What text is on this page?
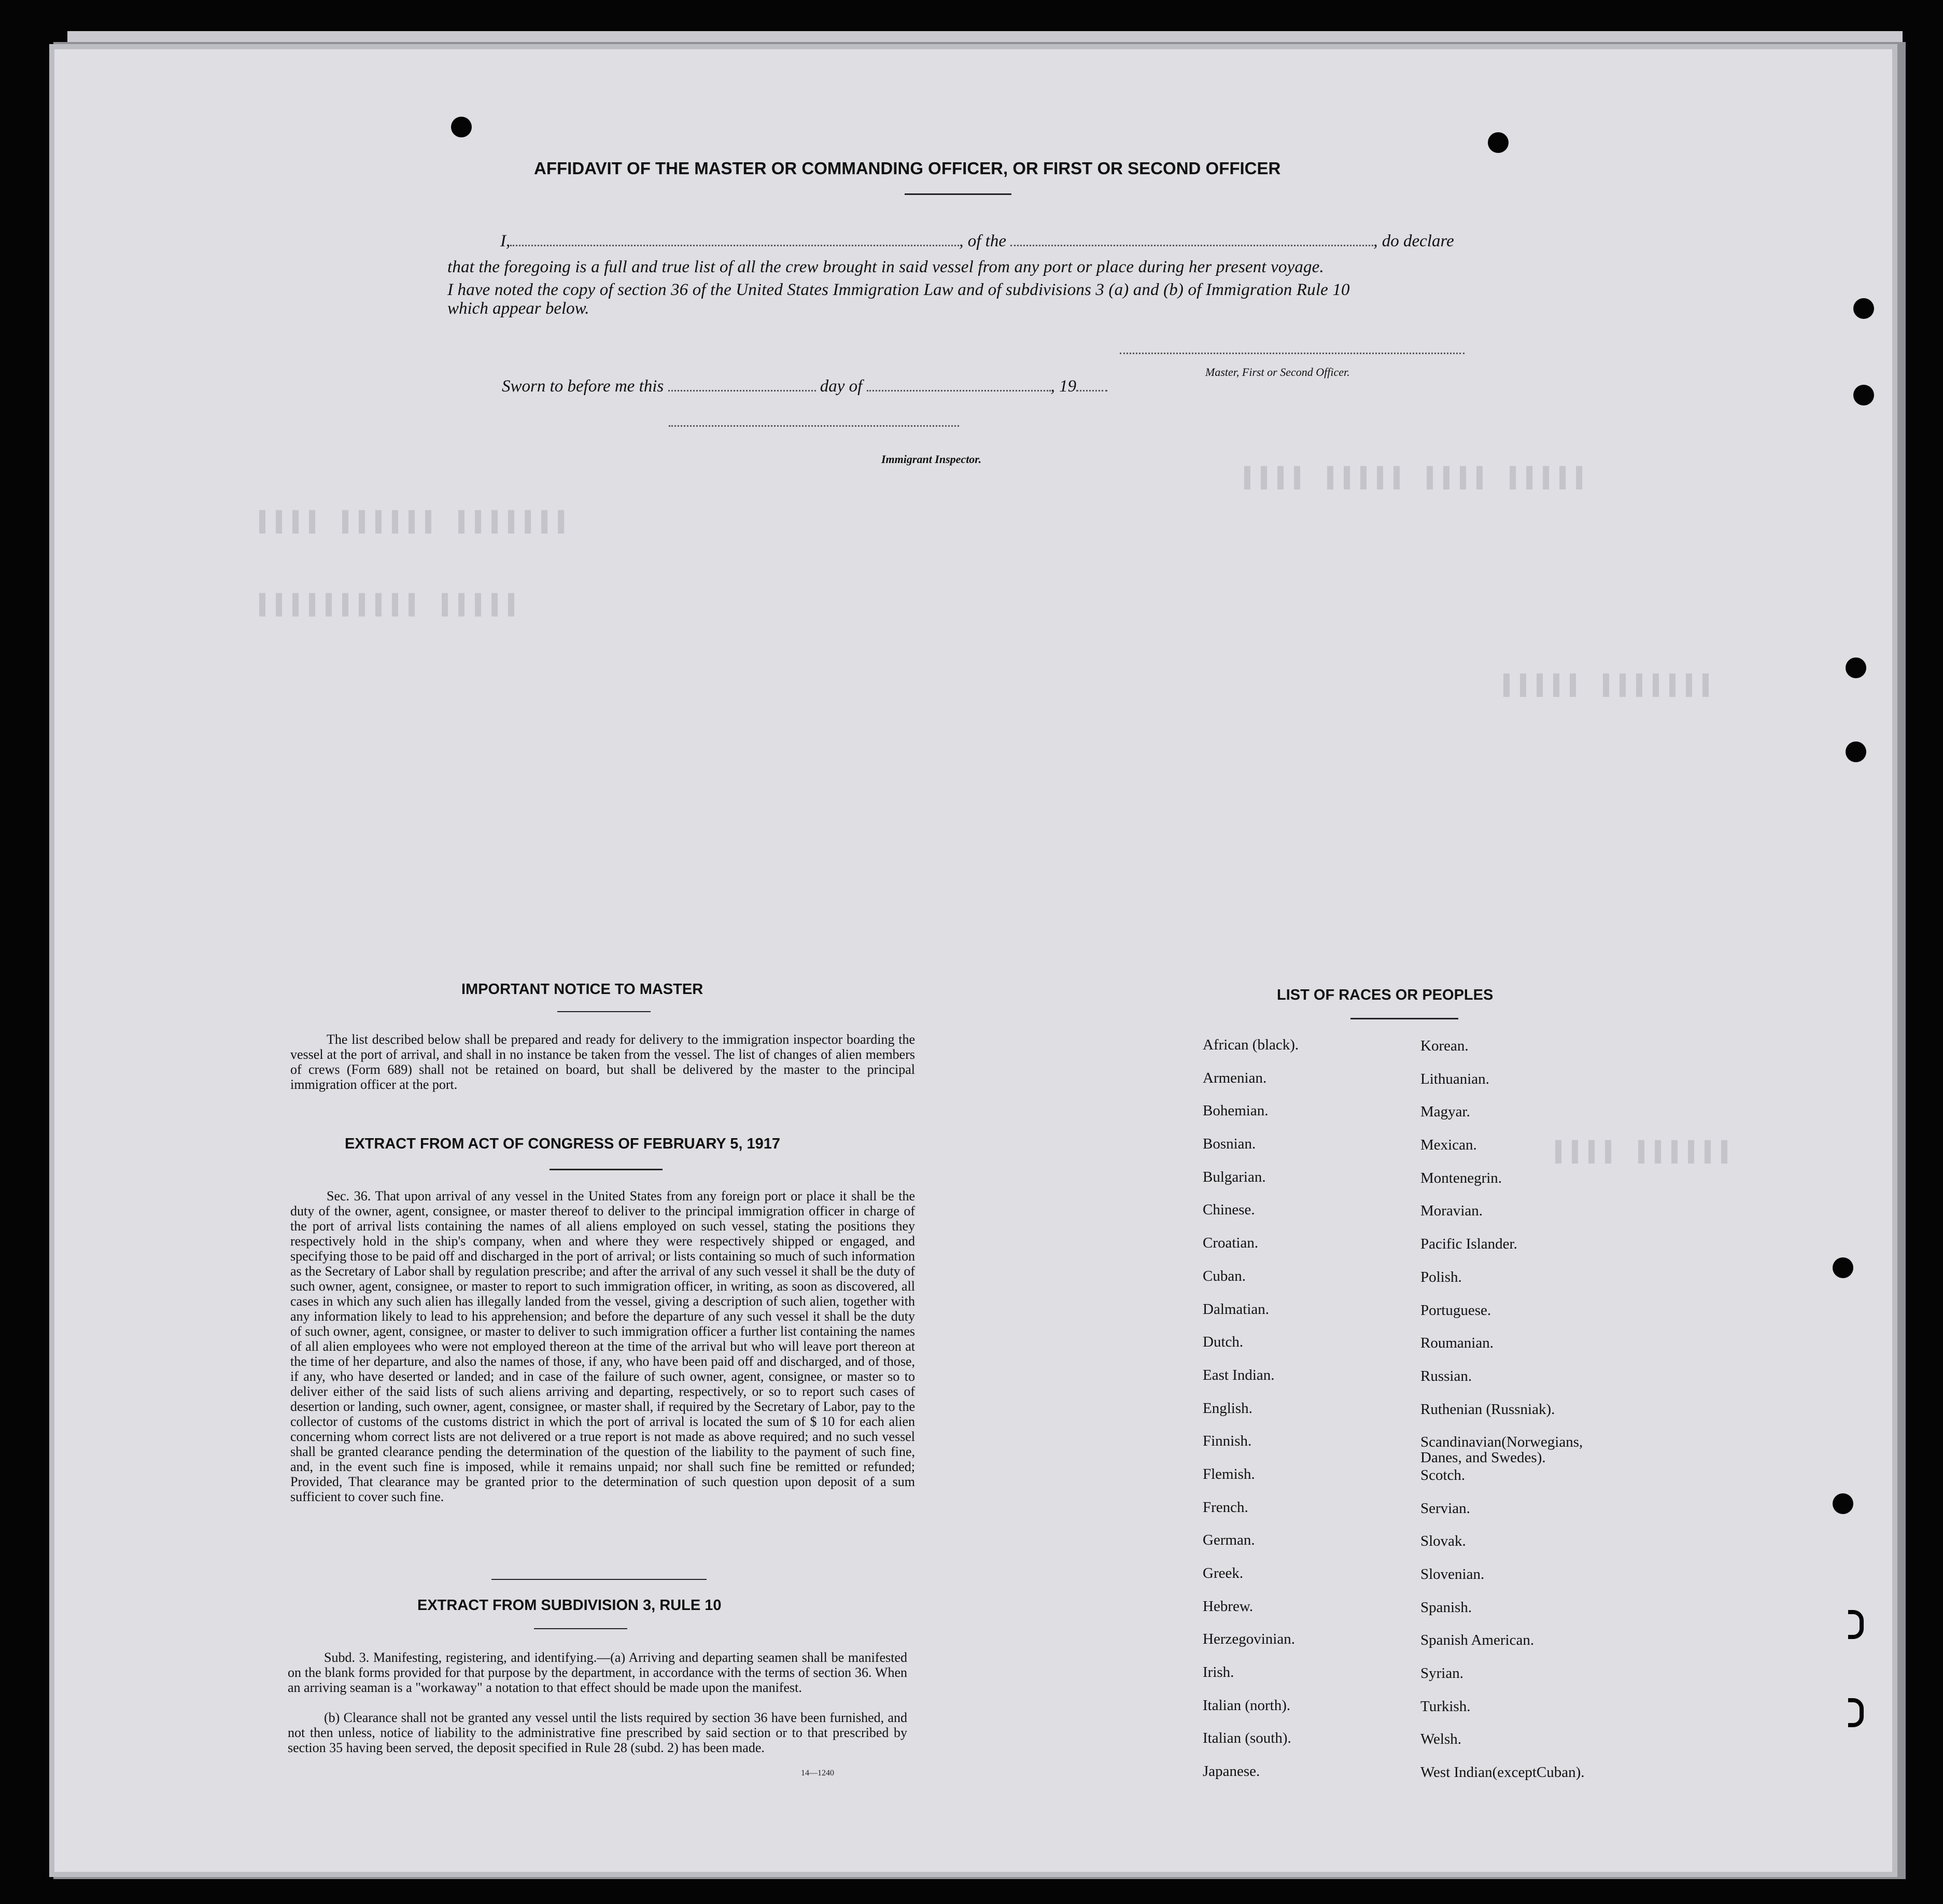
▌▌▌▌ ▌▌▌▌▌▌ ▌▌▌▌▌▌▌
▌▌▌▌▌▌▌▌▌▌ ▌▌▌▌▌
▌▌▌▌ ▌▌▌▌▌ ▌▌▌▌ ▌▌▌▌▌
▌▌▌▌▌ ▌▌▌▌▌▌▌
▌▌▌▌ ▌▌▌▌▌▌
AFFIDAVIT OF THE MASTER OR COMMANDING OFFICER, OR FIRST OR SECOND OFFICER
I,	, of the	, do declare
that the foregoing is a full and true list of all the crew brought in said vessel from any port or place during her present voyage.
I have noted the copy of section 36 of the United States Immigration Law and of subdivisions 3 (a) and (b) of Immigration Rule 10
which appear below.
Master, First or Second Officer.
Sworn to before me this	day of	, 19
Immigrant Inspector.
IMPORTANT NOTICE TO MASTER
The list described below shall be prepared and ready for delivery to the immigration inspector boarding the vessel at the port of arrival, and shall in no instance be taken from the vessel. The list of changes of alien members of crews (Form 689) shall not be retained on board, but shall be delivered by the master to the principal immigration officer at the port.
EXTRACT FROM ACT OF CONGRESS OF FEBRUARY 5, 1917
Sec. 36. That upon arrival of any vessel in the United States from any foreign port or place it shall be the duty of the owner, agent, consignee, or master thereof to deliver to the principal immigration officer in charge of the port of arrival lists containing the names of all aliens employed on such vessel, stating the positions they respectively hold in the ship's company, when and where they were respectively shipped or engaged, and specifying those to be paid off and discharged in the port of arrival; or lists containing so much of such information as the Secretary of Labor shall by regulation prescribe; and after the arrival of any such vessel it shall be the duty of such owner, agent, consignee, or master to report to such immigration officer, in writing, as soon as discovered, all cases in which any such alien has illegally landed from the vessel, giving a description of such alien, together with any information likely to lead to his apprehension; and before the departure of any such vessel it shall be the duty of such owner, agent, consignee, or master to deliver to such immigration officer a further list containing the names of all alien employees who were not employed thereon at the time of the arrival but who will leave port thereon at the time of her departure, and also the names of those, if any, who have been paid off and discharged, and of those, if any, who have deserted or landed; and in case of the failure of such owner, agent, consignee, or master so to deliver either of the said lists of such aliens arriving and departing, respectively, or so to report such cases of desertion or landing, such owner, agent, consignee, or master shall, if required by the Secretary of Labor, pay to the collector of customs of the customs district in which the port of arrival is located the sum of $ 10 for each alien concerning whom correct lists are not delivered or a true report is not made as above required; and no such vessel shall be granted clearance pending the determination of the question of the liability to the payment of such fine, and, in the event such fine is imposed, while it remains unpaid; nor shall such fine be remitted or refunded; Provided, That clearance may be granted prior to the determination of such question upon deposit of a sum sufficient to cover such fine.
EXTRACT FROM SUBDIVISION 3, RULE 10
Subd. 3. Manifesting, registering, and identifying.—(a) Arriving and departing seamen shall be manifested on the blank forms provided for that purpose by the department, in accordance with the terms of section 36. When an arriving seaman is a "workaway" a notation to that effect should be made upon the manifest.
(b) Clearance shall not be granted any vessel until the lists required by section 36 have been furnished, and not then unless, notice of liability to the administrative fine prescribed by said section or to that prescribed by section 35 having been served, the deposit specified in Rule 28 (subd. 2) has been made.
14—1240
LIST OF RACES OR PEOPLES
African (black).
Armenian.
Bohemian.
Bosnian.
Bulgarian.
Chinese.
Croatian.
Cuban.
Dalmatian.
Dutch.
East Indian.
English.
Finnish.
Flemish.
French.
German.
Greek.
Hebrew.
Herzegovinian.
Irish.
Italian (north).
Italian (south).
Japanese.
Korean.
Lithuanian.
Magyar.
Mexican.
Montenegrin.
Moravian.
Pacific Islander.
Polish.
Portuguese.
Roumanian.
Russian.
Ruthenian (Russniak).
Scandinavian(Norwegians, Danes, and Swedes).
Scotch.
Servian.
Slovak.
Slovenian.
Spanish.
Spanish American.
Syrian.
Turkish.
Welsh.
West Indian(exceptCuban).
